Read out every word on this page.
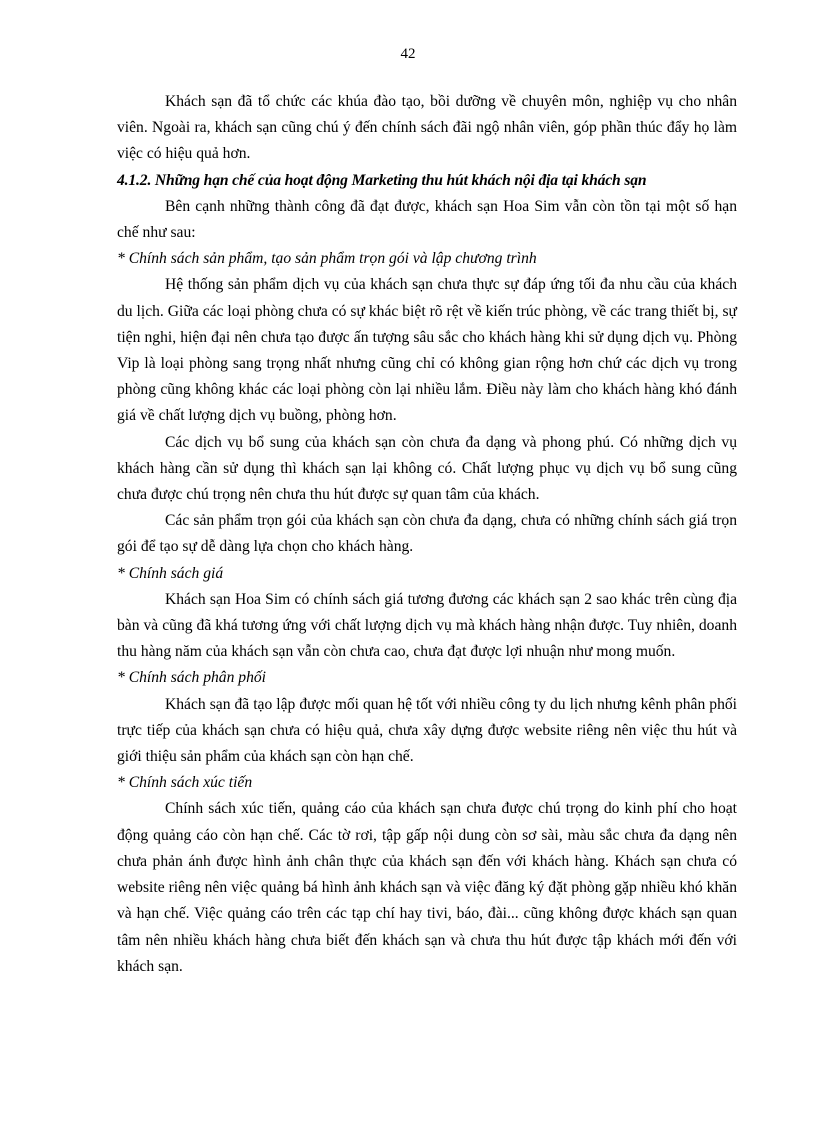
42

Khách sạn đã tổ chức các khúa đào tạo, bồi dưỡng về chuyên môn, nghiệp vụ cho nhân viên. Ngoài ra, khách sạn cũng chú ý đến chính sách đãi ngộ nhân viên, góp phần thúc đẩy họ làm việc có hiệu quả hơn.

4.1.2. Những hạn chế của hoạt động Marketing thu hút khách nội địa tại khách sạn

Bên cạnh những thành công đã đạt được, khách sạn Hoa Sim vẫn còn tồn tại một số hạn chế như sau:

* Chính sách sản phẩm, tạo sản phẩm trọn gói và lập chương trình

Hệ thống sản phẩm dịch vụ của khách sạn chưa thực sự đáp ứng tối đa nhu cầu của khách du lịch. Giữa các loại phòng chưa có sự khác biệt rõ rệt về kiến trúc phòng, về các trang thiết bị, sự tiện nghi, hiện đại nên chưa tạo được ấn tượng sâu sắc cho khách hàng khi sử dụng dịch vụ. Phòng Vip là loại phòng sang trọng nhất nhưng cũng chỉ có không gian rộng hơn chứ các dịch vụ trong phòng cũng không khác các loại phòng còn lại nhiều lắm. Điều này làm cho khách hàng khó đánh giá về chất lượng dịch vụ buồng, phòng hơn.

Các dịch vụ bổ sung của khách sạn còn chưa đa dạng và phong phú. Có những dịch vụ khách hàng cần sử dụng thì khách sạn lại không có. Chất lượng phục vụ dịch vụ bổ sung cũng chưa được chú trọng nên chưa thu hút được sự quan tâm của khách.

Các sản phẩm trọn gói của khách sạn còn chưa đa dạng, chưa có những chính sách giá trọn gói để tạo sự dễ dàng lựa chọn cho khách hàng.

* Chính sách giá

Khách sạn Hoa Sim có chính sách giá tương đương các khách sạn 2 sao khác trên cùng địa bàn và cũng đã khá tương ứng với chất lượng dịch vụ mà khách hàng nhận được. Tuy nhiên, doanh thu hàng năm của khách sạn vẫn còn chưa cao, chưa đạt được lợi nhuận như mong muốn.

* Chính sách phân phối

Khách sạn đã tạo lập được mối quan hệ tốt với nhiều công ty du lịch nhưng kênh phân phối trực tiếp của khách sạn chưa có hiệu quả, chưa xây dựng được website riêng nên việc thu hút và giới thiệu sản phẩm của khách sạn còn hạn chế.

* Chính sách xúc tiến

Chính sách xúc tiến, quảng cáo của khách sạn chưa được chú trọng do kinh phí cho hoạt động quảng cáo còn hạn chế. Các tờ rơi, tập gấp nội dung còn sơ sài, màu sắc chưa đa dạng nên chưa phản ánh được hình ảnh chân thực của khách sạn đến với khách hàng. Khách sạn chưa có website riêng nên việc quảng bá hình ảnh khách sạn và việc đăng ký đặt phòng gặp nhiều khó khăn và hạn chế. Việc quảng cáo trên các tạp chí hay tivi, báo, đài... cũng không được khách sạn quan tâm nên nhiều khách hàng chưa biết đến khách sạn và chưa thu hút được tập khách mới đến với khách sạn.
